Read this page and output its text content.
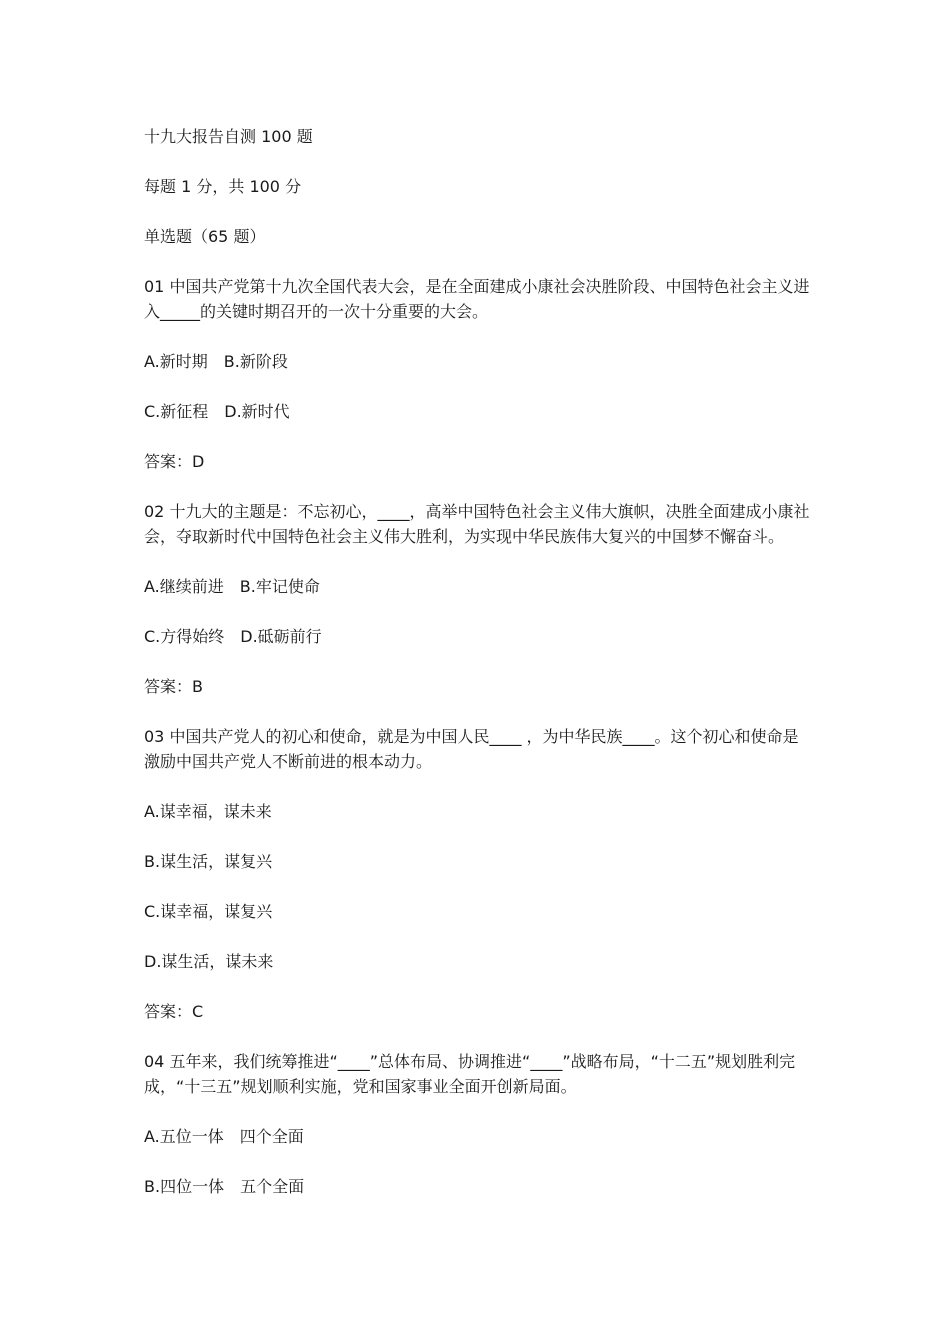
十九大报告自测 100 题

每题 1 分，共 100 分

单选题（65 题）

01 中国共产党第十九次全国代表大会，是在全面建成小康社会决胜阶段、中国特色社会主义进入_____的关键时期召开的一次十分重要的大会。

A.新时期　B.新阶段

C.新征程　D.新时代

答案：D

02 十九大的主题是：不忘初心，____，高举中国特色社会主义伟大旗帜，决胜全面建成小康社会，夺取新时代中国特色社会主义伟大胜利，为实现中华民族伟大复兴的中国梦不懈奋斗。

A.继续前进　B.牢记使命

C.方得始终　D.砥砺前行

答案：B

03 中国共产党人的初心和使命，就是为中国人民____ ，为中华民族____。这个初心和使命是激励中国共产党人不断前进的根本动力。

A.谋幸福，谋未来

B.谋生活，谋复兴

C.谋幸福，谋复兴

D.谋生活，谋未来

答案：C

04 五年来，我们统筹推进“____”总体布局、协调推进“____”战略布局，“十二五”规划胜利完成，“十三五”规划顺利实施，党和国家事业全面开创新局面。

A.五位一体　四个全面

B.四位一体　五个全面
